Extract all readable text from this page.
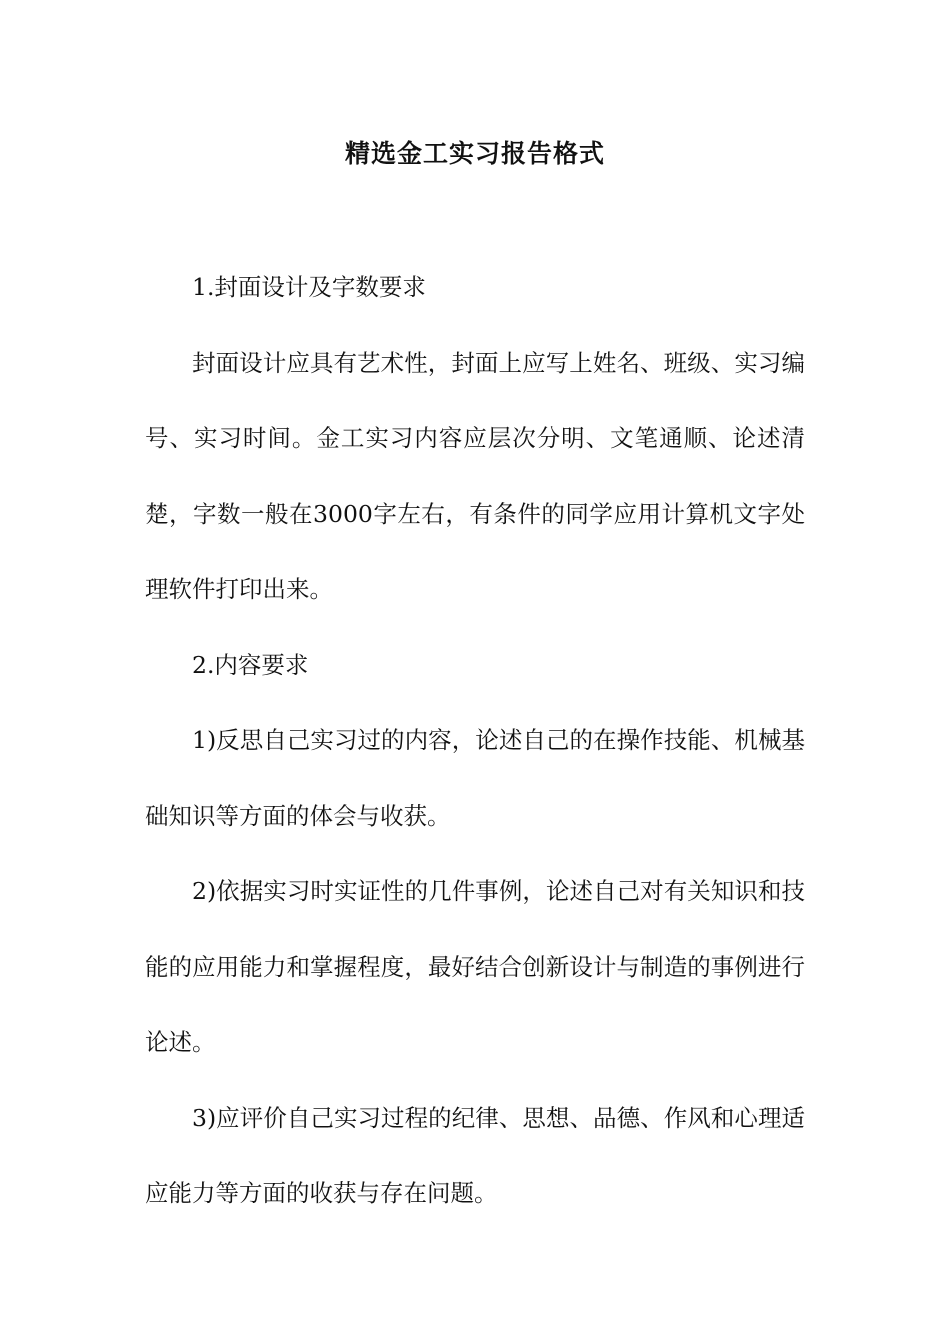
精选金工实习报告格式

1.封面设计及字数要求

封面设计应具有艺术性，封面上应写上姓名、班级、实习编号、实习时间。金工实习内容应层次分明、文笔通顺、论述清楚，字数一般在3000字左右，有条件的同学应用计算机文字处理软件打印出来。

2.内容要求

1)反思自己实习过的内容，论述自己的在操作技能、机械基础知识等方面的体会与收获。

2)依据实习时实证性的几件事例，论述自己对有关知识和技能的应用能力和掌握程度，最好结合创新设计与制造的事例进行论述。

3)应评价自己实习过程的纪律、思想、品德、作风和心理适应能力等方面的收获与存在问题。
